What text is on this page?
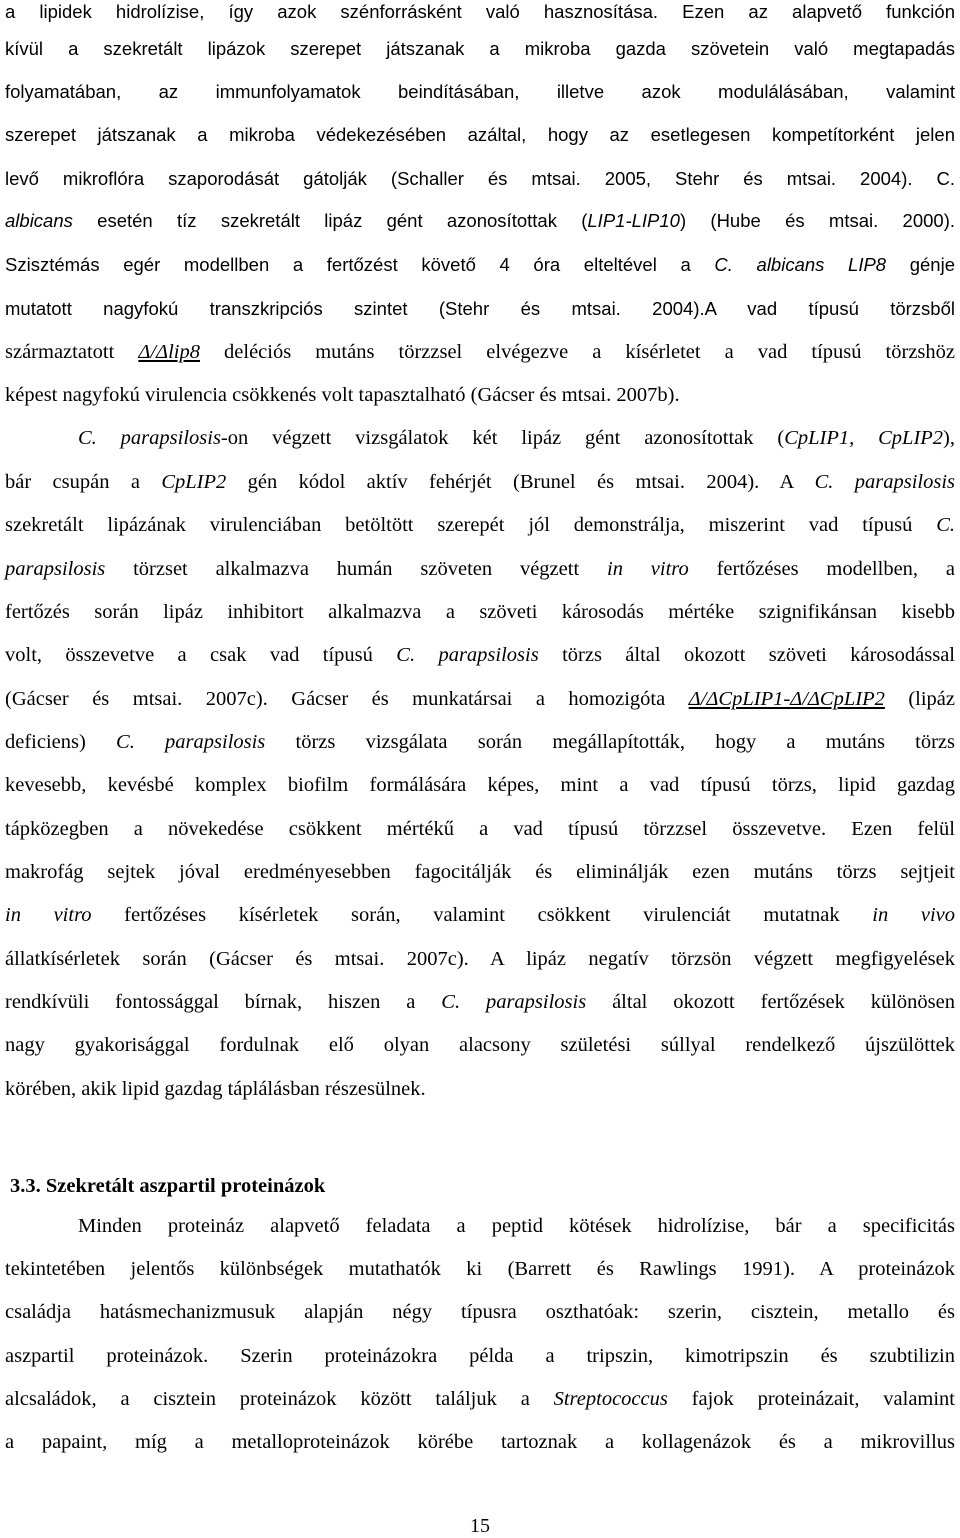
a lipidek hidrolízise, így azok szénforrásként való hasznosítása. Ezen az alapvető funkción
kívül a szekretált lipázok szerepet játszanak a mikroba gazda szövetein való megtapadás
folyamatában, az immunfolyamatok beindításában, illetve azok modulálásában, valamint
szerepet játszanak a mikroba védekezésében azáltal, hogy az esetlegesen kompetítorként jelen
levő mikroflóra szaporodását gátolják (Schaller és mtsai. 2005, Stehr és mtsai. 2004). C.
albicans esetén tíz szekretált lipáz gént azonosítottak (LIP1-LIP10) (Hube és mtsai. 2000).
Szisztémás egér modellben a fertőzést követő 4 óra elteltével a C. albicans LIP8 génje
mutatott nagyfokú transzkripciós szintet (Stehr és mtsai. 2004).A vad típusú törzsből
származtatott Δ/Δlip8 deléciós mutáns törzzsel elvégezve a kísérletet a vad típusú törzshöz
képest nagyfokú virulencia csökkenés volt tapasztalható (Gácser és mtsai. 2007b).
C. parapsilosis-on végzett vizsgálatok két lipáz gént azonosítottak (CpLIP1, CpLIP2),
bár csupán a CpLIP2 gén kódol aktív fehérjét (Brunel és mtsai. 2004). A C. parapsilosis
szekretált lipázának virulenciában betöltött szerepét jól demonstrálja, miszerint vad típusú C.
parapsilosis törzset alkalmazva humán szöveten végzett in vitro fertőzéses modellben, a
fertőzés során lipáz inhibitort alkalmazva a szöveti károsodás mértéke szignifikánsan kisebb
volt, összevetve a csak vad típusú C. parapsilosis törzs által okozott szöveti károsodással
(Gácser és mtsai. 2007c). Gácser és munkatársai a homozigóta Δ/ΔCpLIP1-Δ/ΔCpLIP2 (lipáz
deficiens) C. parapsilosis törzs vizsgálata során megállapították, hogy a mutáns törzs
kevesebb, kevésbé komplex biofilm formálására képes, mint a vad típusú törzs, lipid gazdag
tápközegben a növekedése csökkent mértékű a vad típusú törzzsel összevetve. Ezen felül
makrofág sejtek jóval eredményesebben fagocitálják és eliminálják ezen mutáns törzs sejtjeit
in vitro fertőzéses kísérletek során, valamint csökkent virulenciát mutatnak in vivo
állatkísérletek során (Gácser és mtsai. 2007c). A lipáz negatív törzsön végzett megfigyelések
rendkívüli fontossággal bírnak, hiszen a C. parapsilosis által okozott fertőzések különösen
nagy gyakorisággal fordulnak elő olyan alacsony születési súllyal rendelkező újszülöttek
körében, akik lipid gazdag táplálásban részesülnek.
Minden proteináz alapvető feladata a peptid kötések hidrolízise, bár a specificitás
tekintetében jelentős különbségek mutathatók ki (Barrett és Rawlings 1991). A proteinázok
családja hatásmechanizmusuk alapján négy típusra oszthatóak: szerin, cisztein, metallo és
aszpartil proteinázok. Szerin proteinázokra példa a tripszin, kimotripszin és szubtilizin
alcsaládok, a cisztein proteinázok között találjuk a Streptococcus fajok proteinázait, valamint
a papaint, míg a metalloproteinázok körébe tartoznak a kollagenázok és a mikrovillus
3.3. Szekretált aszpartil proteinázok
15
